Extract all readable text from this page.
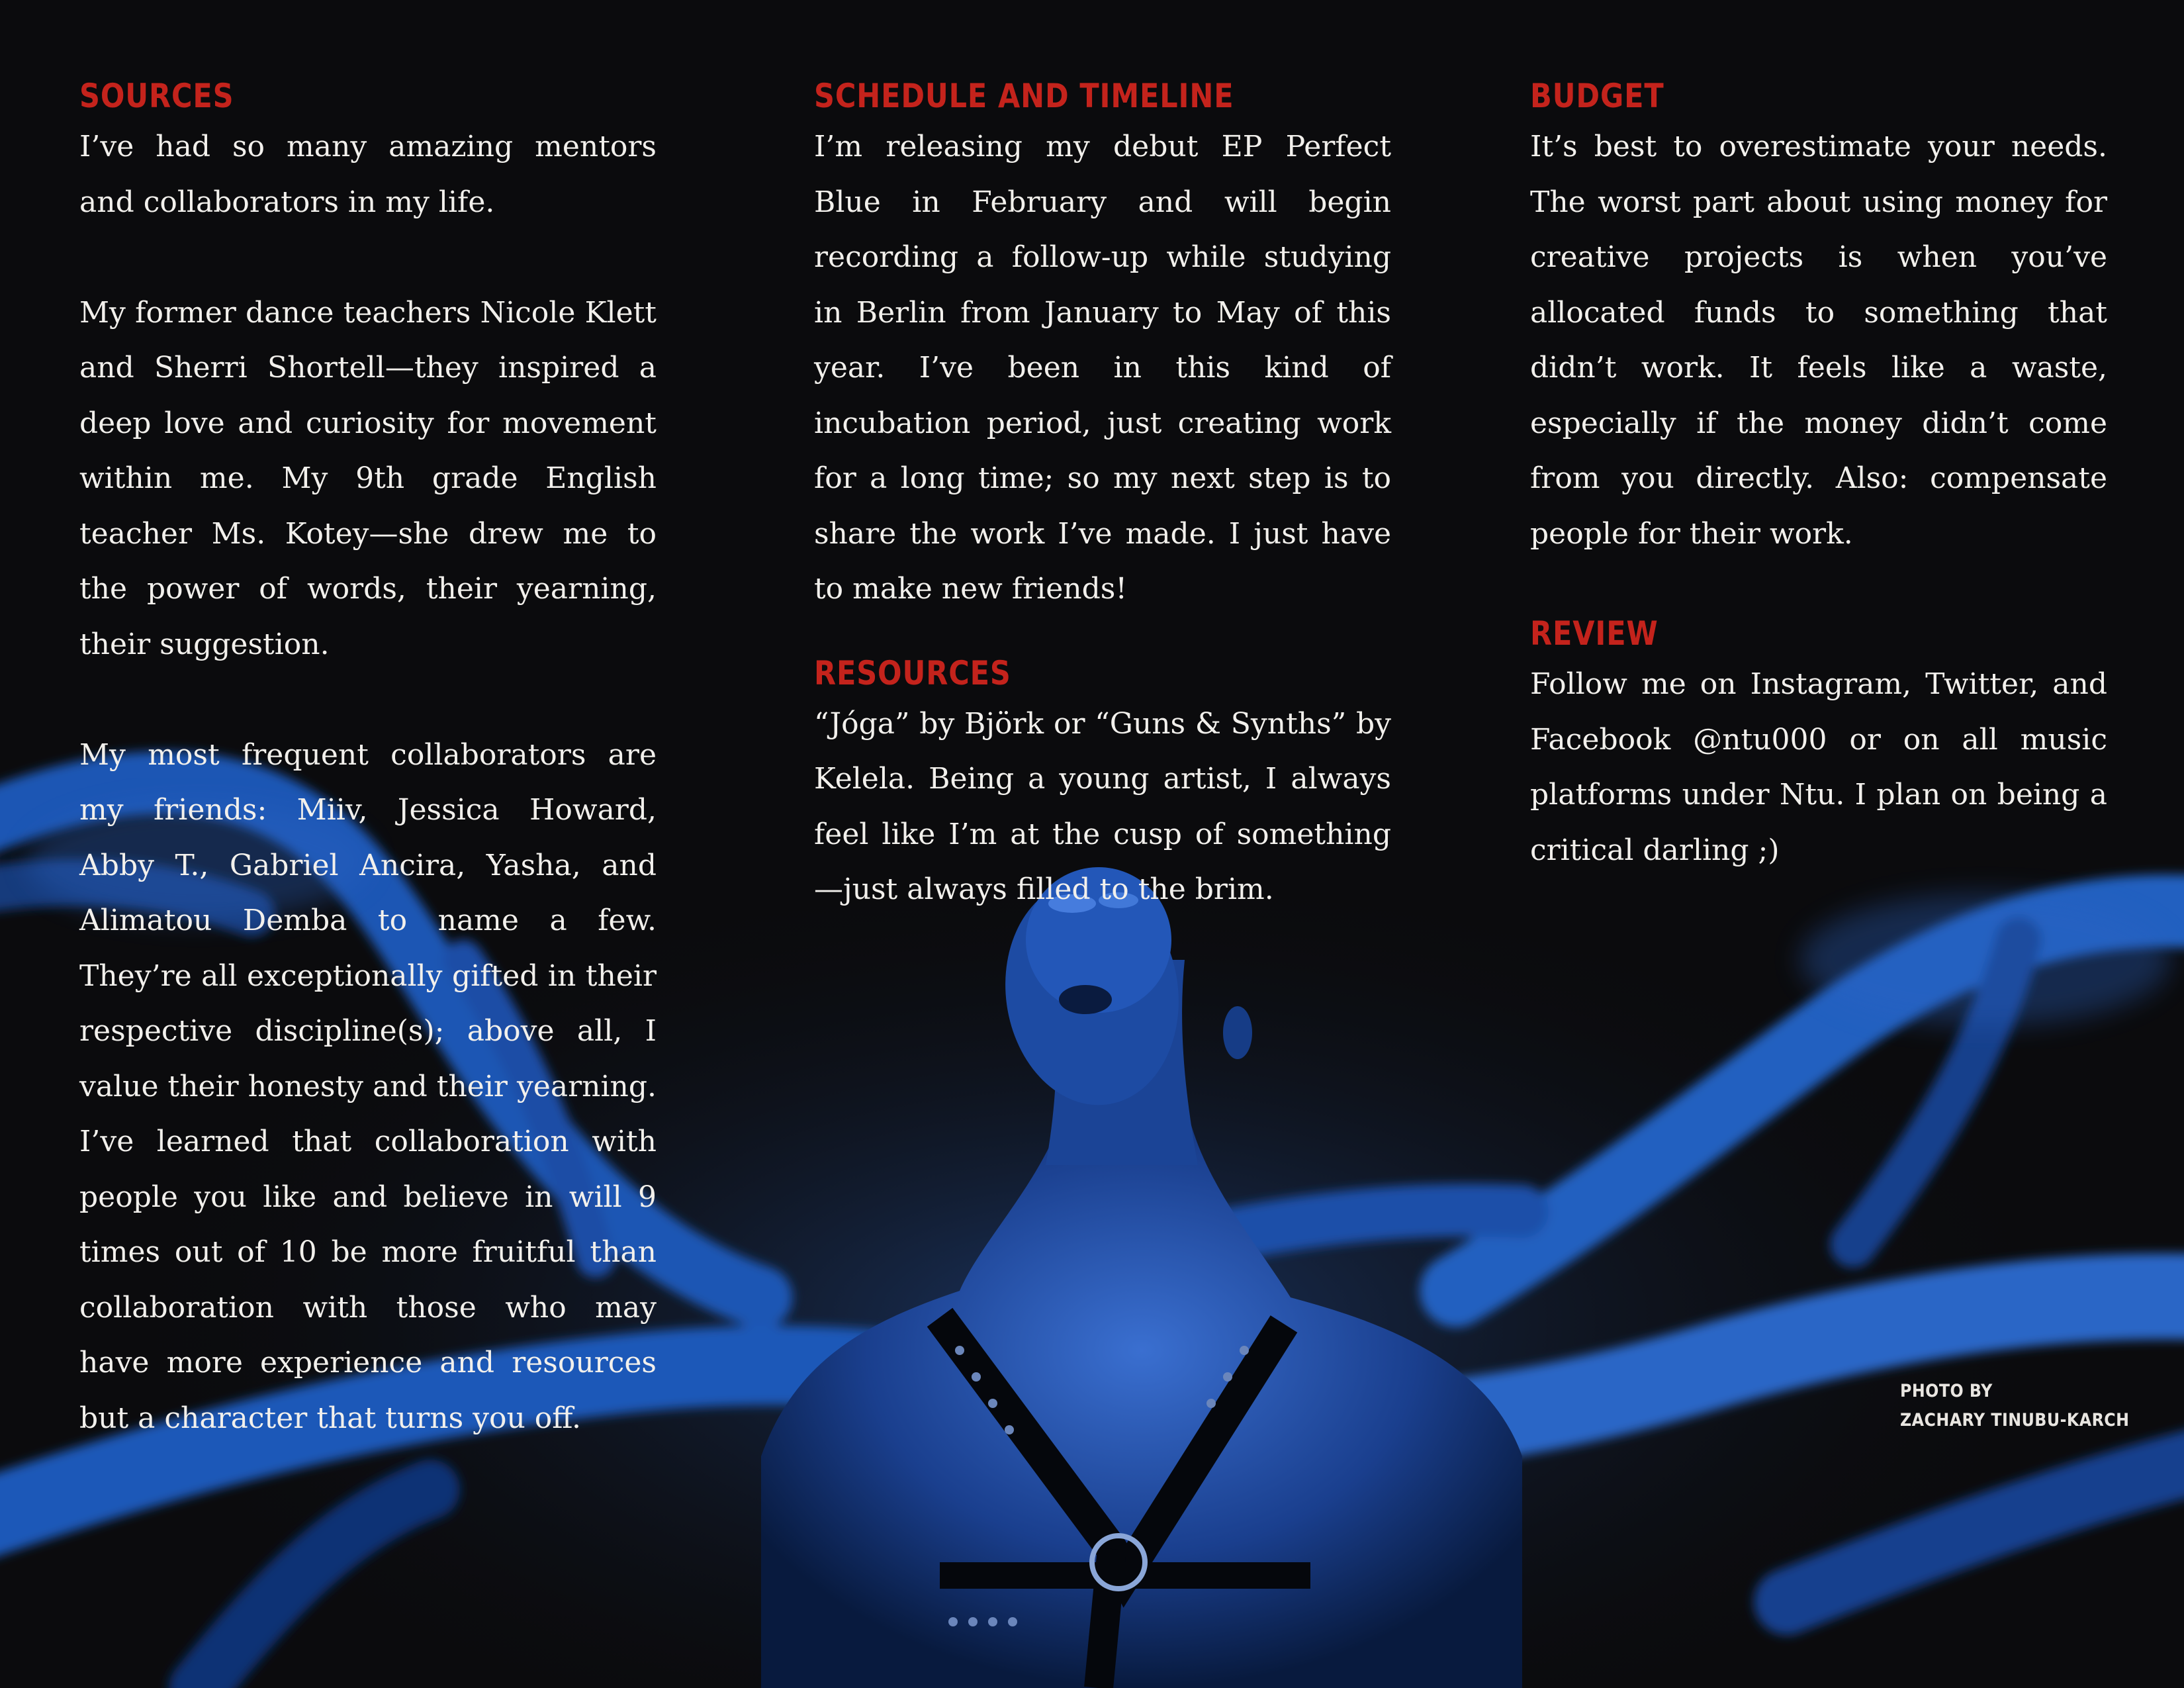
SOURCES

I’ve had so many amazing mentors and collaborators in my life.

My former dance teachers Nicole Klett and Sherri Shortell—they inspired a deep love and curiosity for movement within me. My 9th grade English teacher Ms. Kotey—she drew me to the power of words, their yearning, their suggestion.

My most frequent collaborators are my friends: Miiv, Jessica Howard, Abby T., Gabriel Ancira, Yasha, and Alimatou Demba to name a few. They’re all exceptionally gifted in their respective discipline(s); above all, I value their honesty and their yearning. I’ve learned that collaboration with people you like and believe in will 9 times out of 10 be more fruitful than collaboration with those who may have more experience and resources but a character that turns you off.

SCHEDULE AND TIMELINE

I’m releasing my debut EP Perfect Blue in February and will begin recording a follow-up while studying in Berlin from January to May of this year. I’ve been in this kind of incubation period, just creating work for a long time; so my next step is to share the work I’ve made. I just have to make new friends!

RESOURCES

“Jóga” by Björk or “Guns & Synths” by Kelela. Being a young artist, I always feel like I’m at the cusp of something—just always filled to the brim.

BUDGET

It’s best to overestimate your needs. The worst part about using money for creative projects is when you’ve allocated funds to something that didn’t work. It feels like a waste, especially if the money didn’t come from you directly. Also: compensate people for their work.

REVIEW

Follow me on Instagram, Twitter, and Facebook @ntu000 or on all music platforms under Ntu. I plan on being a critical darling ;)

PHOTO BY
ZACHARY TINUBU-KARCH
